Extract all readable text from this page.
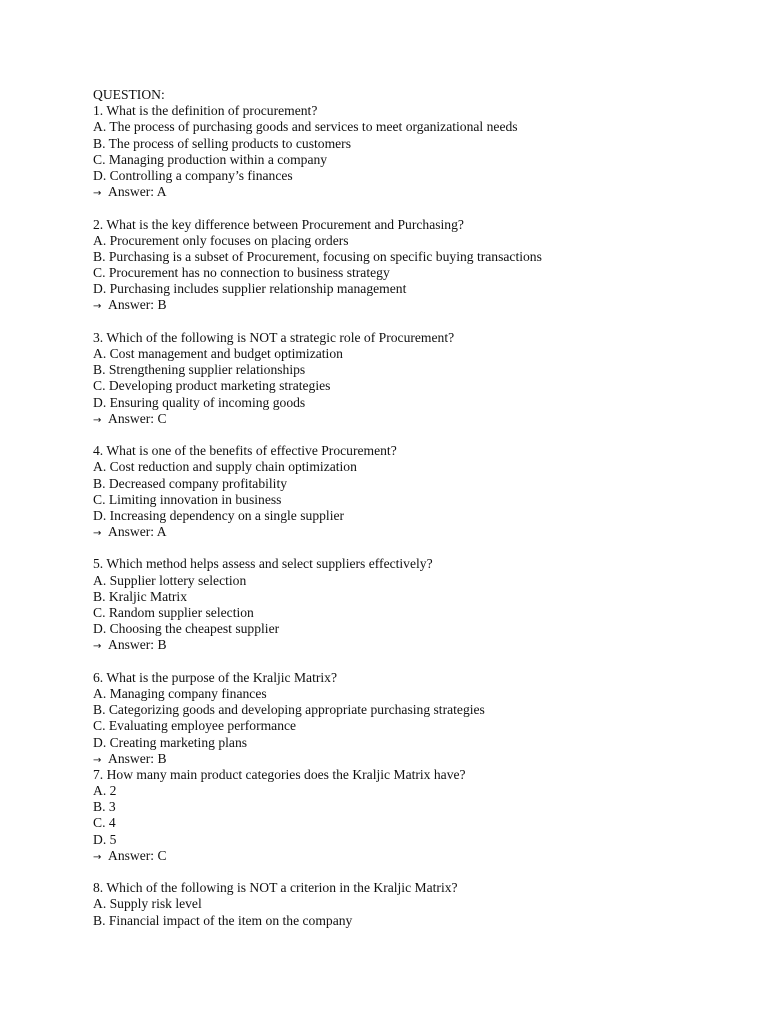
QUESTION:
1. What is the definition of procurement?
A. The process of purchasing goods and services to meet organizational needs
B. The process of selling products to customers
C. Managing production within a company
D. Controlling a company’s finances
→ Answer: A
2. What is the key difference between Procurement and Purchasing?
A. Procurement only focuses on placing orders
B. Purchasing is a subset of Procurement, focusing on specific buying transactions
C. Procurement has no connection to business strategy
D. Purchasing includes supplier relationship management
→ Answer: B
3. Which of the following is NOT a strategic role of Procurement?
A. Cost management and budget optimization
B. Strengthening supplier relationships
C. Developing product marketing strategies
D. Ensuring quality of incoming goods
→ Answer: C
4. What is one of the benefits of effective Procurement?
A. Cost reduction and supply chain optimization
B. Decreased company profitability
C. Limiting innovation in business
D. Increasing dependency on a single supplier
→ Answer: A
5. Which method helps assess and select suppliers effectively?
A. Supplier lottery selection
B. Kraljic Matrix
C. Random supplier selection
D. Choosing the cheapest supplier
→ Answer: B
6. What is the purpose of the Kraljic Matrix?
A. Managing company finances
B. Categorizing goods and developing appropriate purchasing strategies
C. Evaluating employee performance
D. Creating marketing plans
→ Answer: B
7. How many main product categories does the Kraljic Matrix have?
A. 2
B. 3
C. 4
D. 5
→ Answer: C
8. Which of the following is NOT a criterion in the Kraljic Matrix?
A. Supply risk level
B. Financial impact of the item on the company
